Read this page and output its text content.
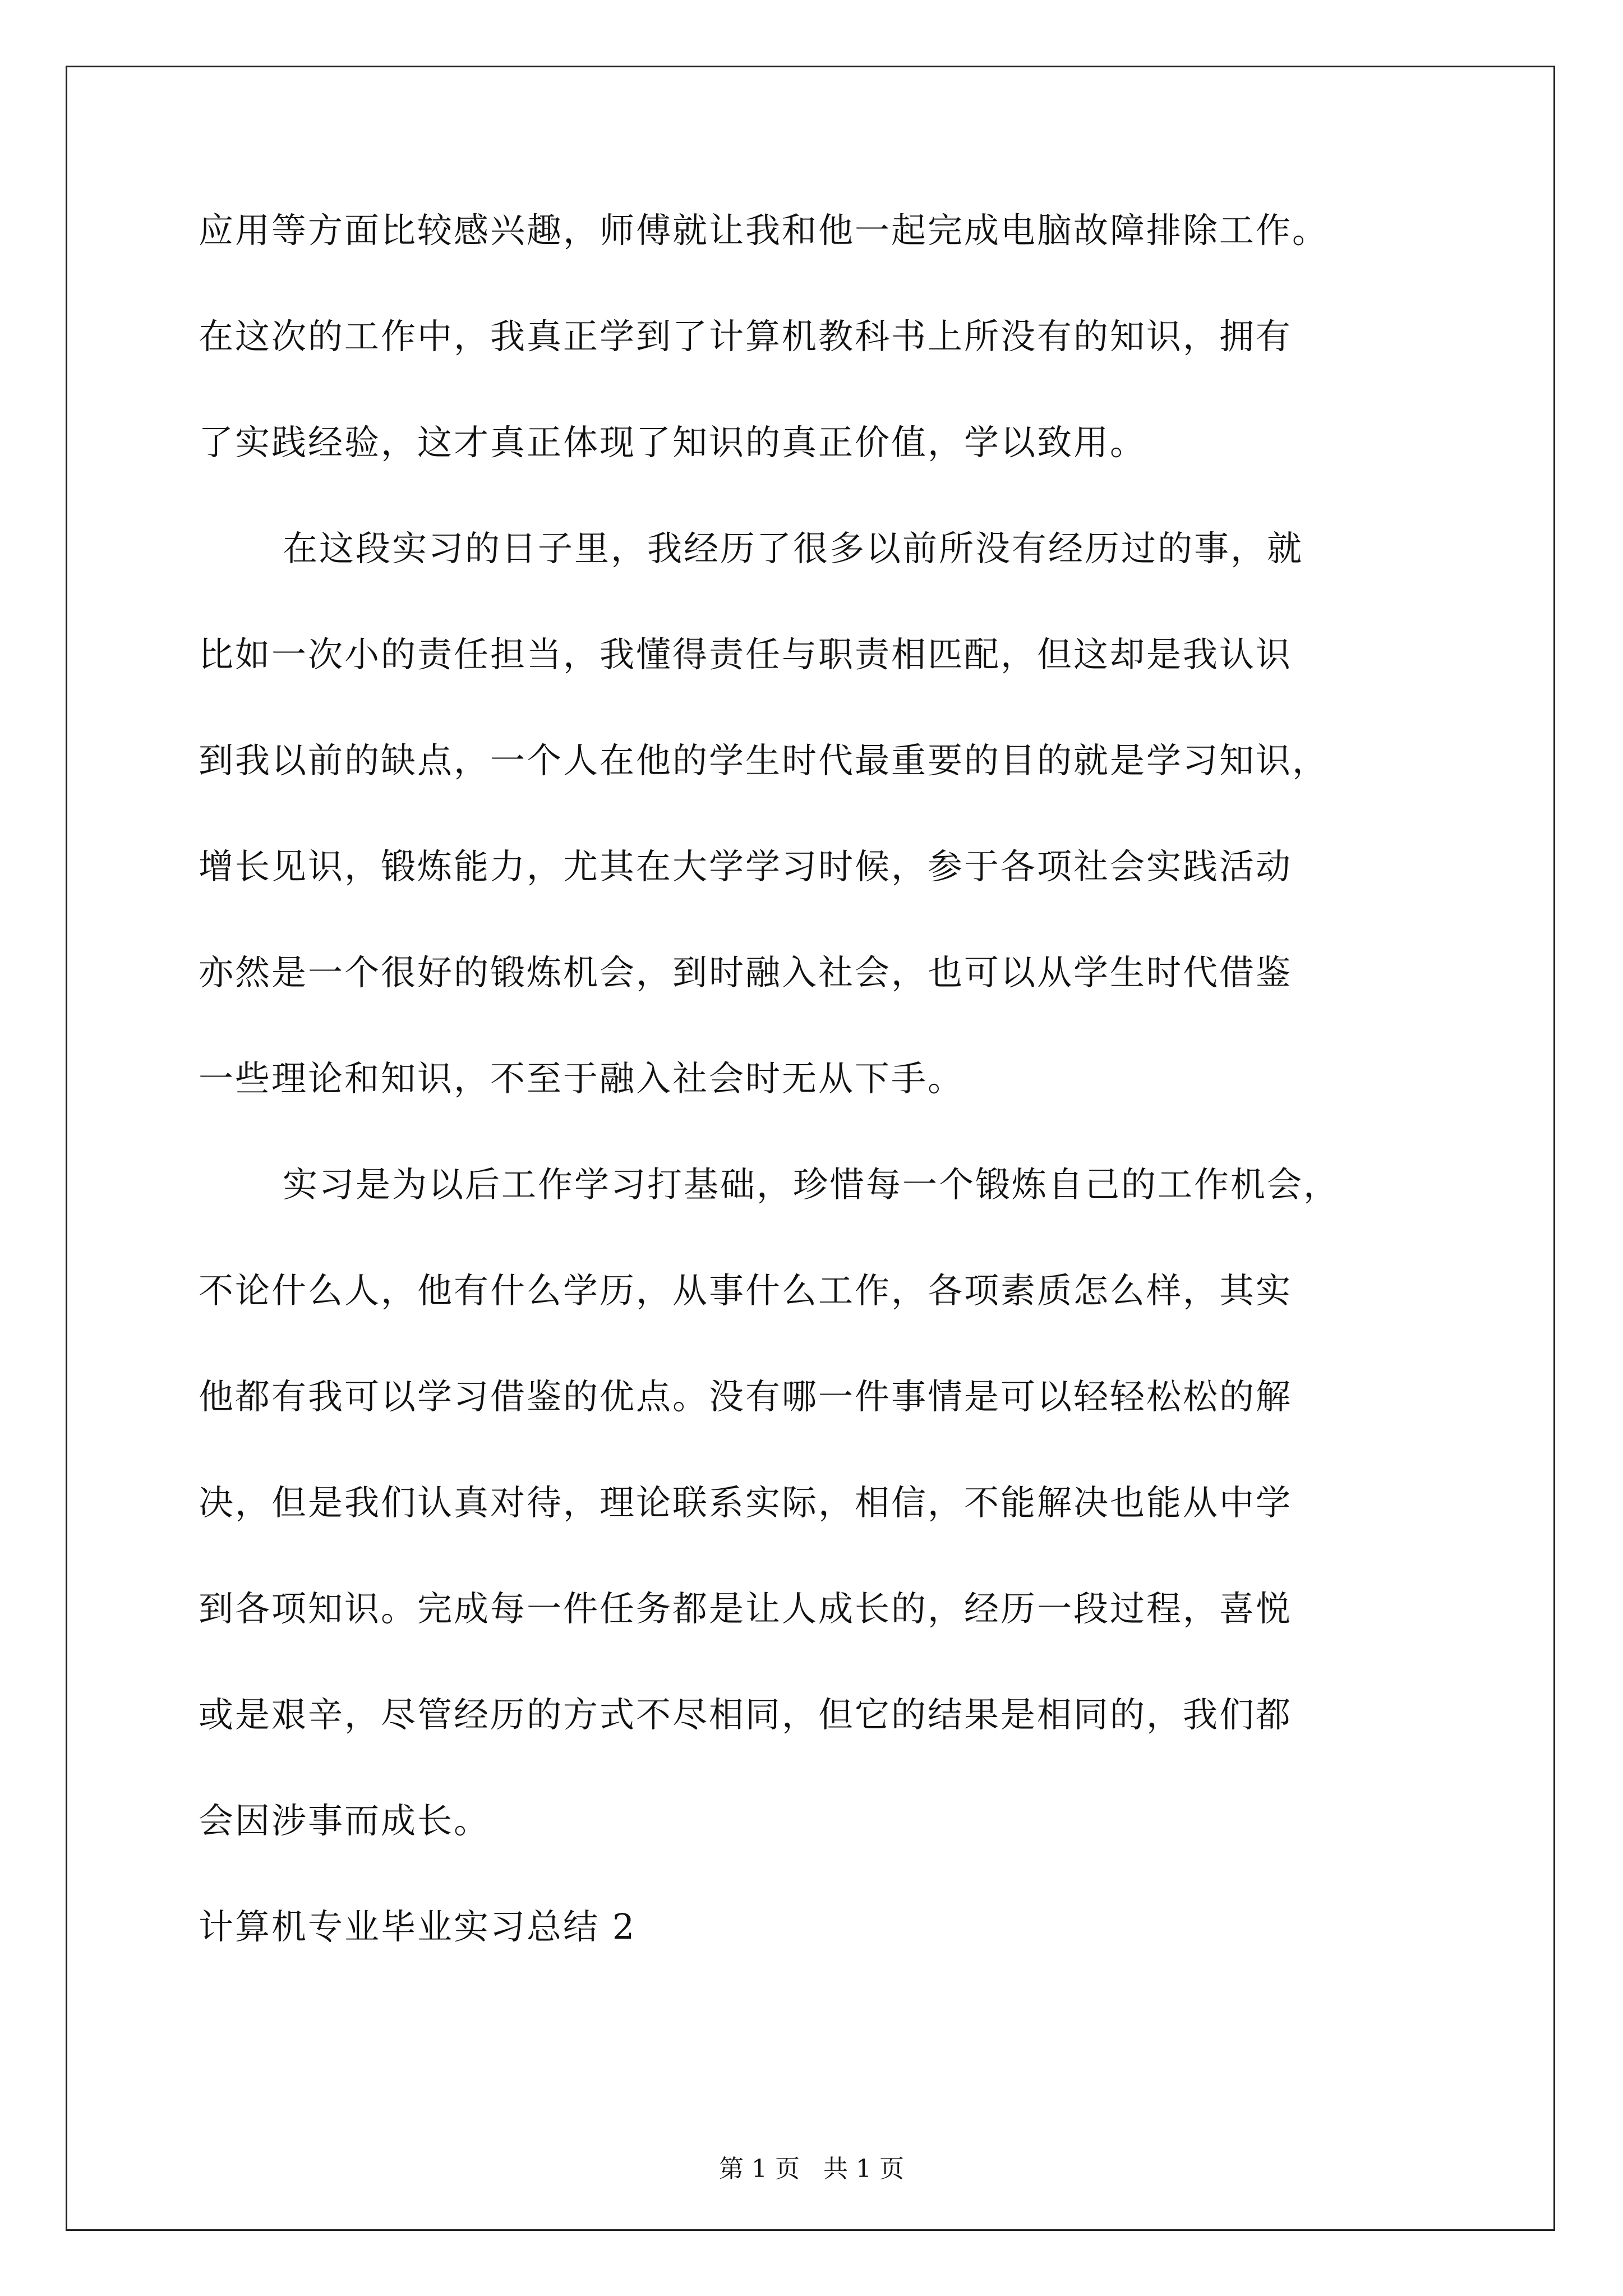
应用等方面比较感兴趣，师傅就让我和他一起完成电脑故障排除工作。
在这次的工作中，我真正学到了计算机教科书上所没有的知识，拥有
了实践经验，这才真正体现了知识的真正价值，学以致用。
在这段实习的日子里，我经历了很多以前所没有经历过的事，就
比如一次小的责任担当，我懂得责任与职责相匹配，但这却是我认识
到我以前的缺点，一个人在他的学生时代最重要的目的就是学习知识，
增长见识，锻炼能力，尤其在大学学习时候，参于各项社会实践活动
亦然是一个很好的锻炼机会，到时融入社会，也可以从学生时代借鉴
一些理论和知识，不至于融入社会时无从下手。
实习是为以后工作学习打基础，珍惜每一个锻炼自己的工作机会，
不论什么人，他有什么学历，从事什么工作，各项素质怎么样，其实
他都有我可以学习借鉴的优点。没有哪一件事情是可以轻轻松松的解
决，但是我们认真对待，理论联系实际，相信，不能解决也能从中学
到各项知识。完成每一件任务都是让人成长的，经历一段过程，喜悦
或是艰辛，尽管经历的方式不尽相同，但它的结果是相同的，我们都
会因涉事而成长。
计算机专业毕业实习总结 2
第 1 页   共 1 页
